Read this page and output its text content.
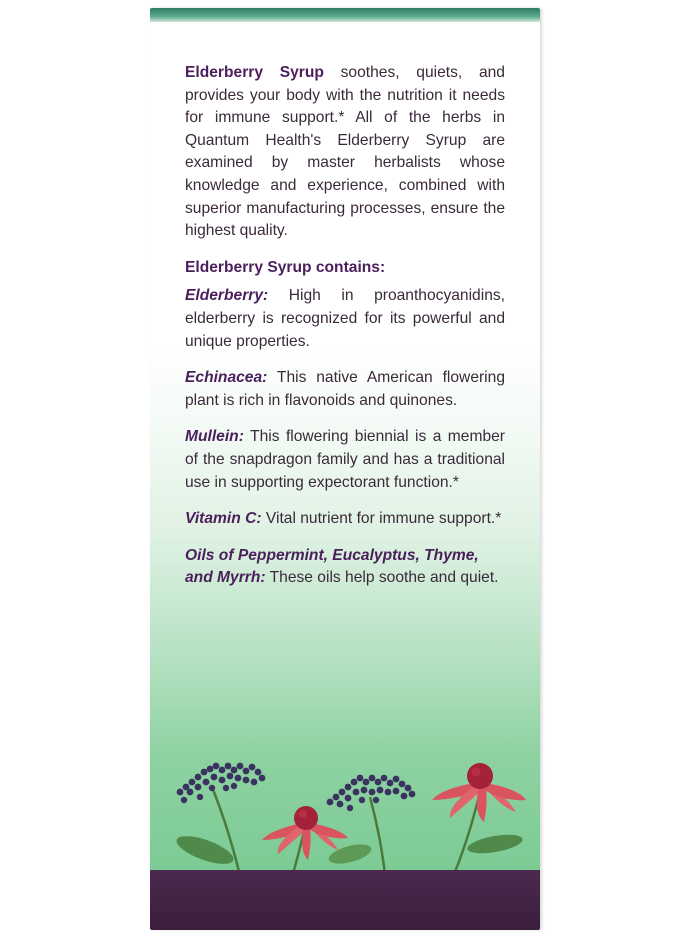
Elderberry Syrup soothes, quiets, and provides your body with the nutrition it needs for immune support.* All of the herbs in Quantum Health's Elderberry Syrup are examined by master herbalists whose knowledge and experience, combined with superior manufacturing processes, ensure the highest quality.

Elderberry Syrup contains:

Elderberry: High in proanthocyanidins, elderberry is recognized for its powerful and unique properties.

Echinacea: This native American flowering plant is rich in flavonoids and quinones.

Mullein: This flowering biennial is a member of the snapdragon family and has a traditional use in supporting expectorant function.*

Vitamin C: Vital nutrient for immune support.*

Oils of Peppermint, Eucalyptus, Thyme, and Myrrh: These oils help soothe and quiet.
